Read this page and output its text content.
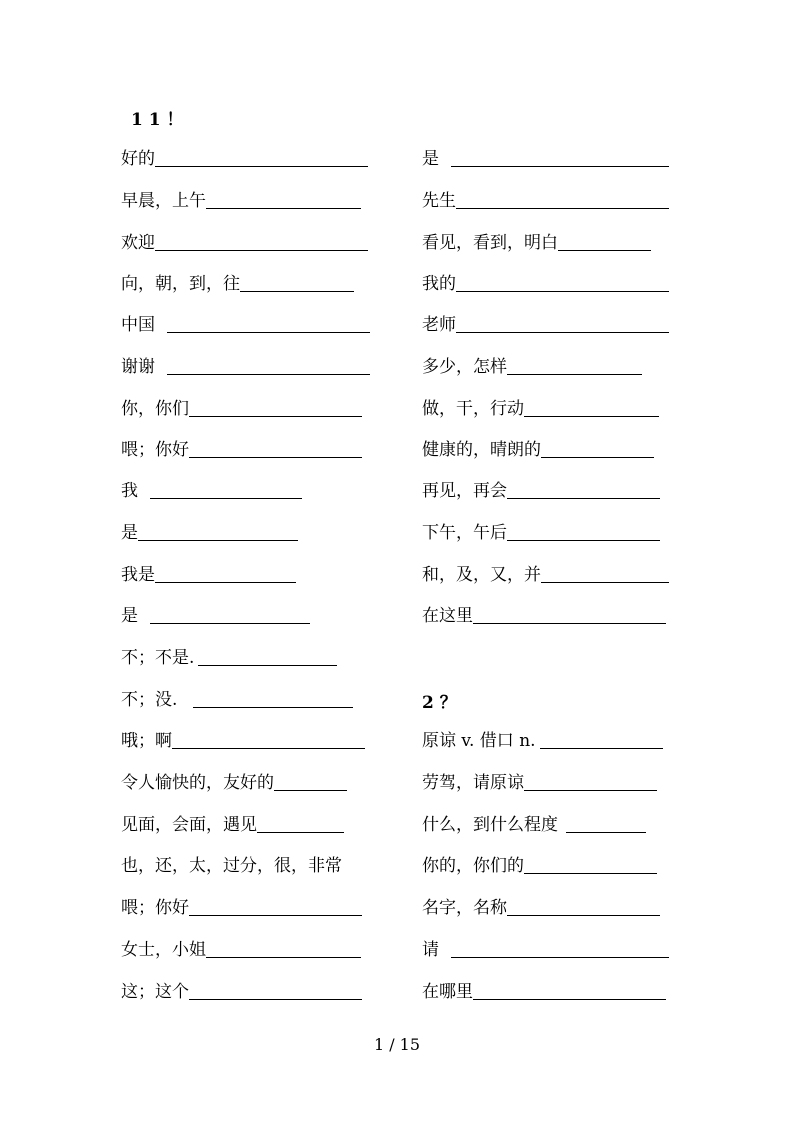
1 1 ！
好的
早晨，上午
欢迎
向，朝，到，往
中国
谢谢
你，你们
喂；你好
我
是
我是
是
不；不是.
不；没.
哦；啊
令人愉快的，友好的
见面，会面，遇见
也，还，太，过分，很，非常
喂；你好
女士，小姐
这；这个
是
先生
看见，看到，明白
我的
老师
多少，怎样
做，干，行动
健康的，晴朗的
再见，再会
下午，午后
和，及，又，并
在这里
2 ？
原谅 v. 借口 n.
劳驾，请原谅
什么，到什么程度
你的，你们的
名字，名称
请
在哪里
1 / 15
